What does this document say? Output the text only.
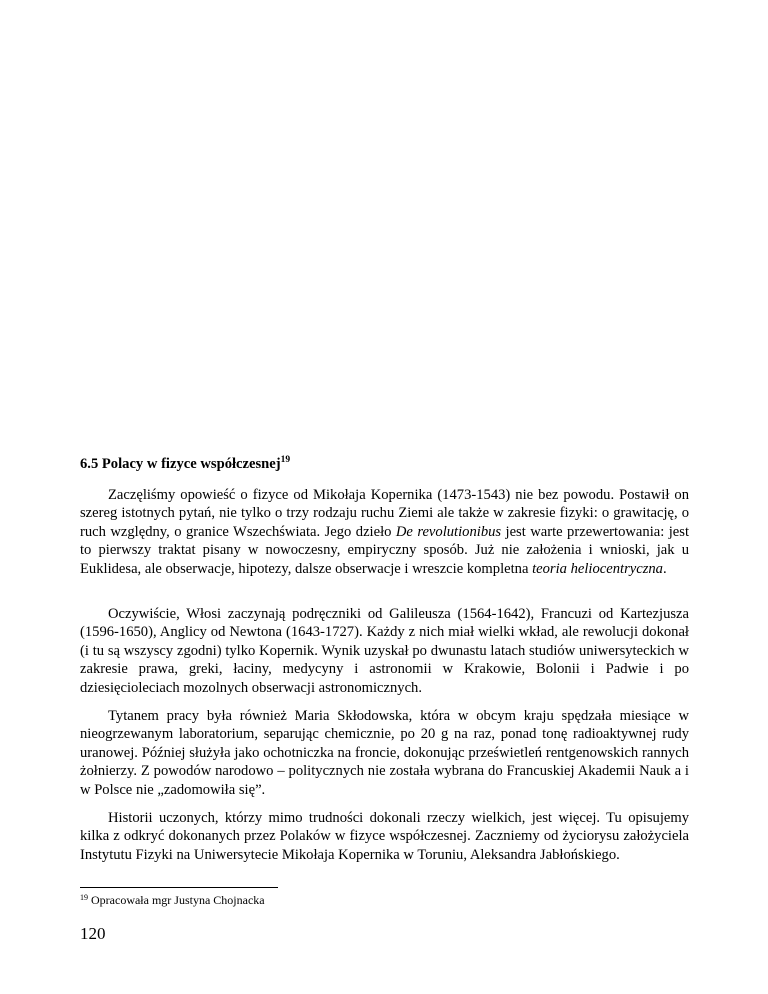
6.5 Polacy w fizyce współczesnej$^{19}$

Zaczęliśmy opowieść o fizyce od Mikołaja Kopernika (1473-1543) nie bez powodu. Postawił on szereg istotnych pytań, nie tylko o trzy rodzaju ruchu Ziemi ale także w zakresie fizyki: o grawitację, o ruch względny, o granice Wszechświata. Jego dzieło De revolutionibus jest warte przewertowania: jest to pierwszy traktat pisany w nowoczesny, empiryczny sposób. Już nie założenia i wnioski, jak u Euklidesa, ale obserwacje, hipotezy, dalsze obserwacje i wreszcie kompletna teoria heliocentryczna.

Oczywiście, Włosi zaczynają podręczniki od Galileusza (1564-1642), Francuzi od Kartezjusza (1596-1650), Anglicy od Newtona (1643-1727). Każdy z nich miał wielki wkład, ale rewolucji dokonał (i tu są wszyscy zgodni) tylko Kopernik. Wynik uzyskał po dwunastu latach studiów uniwersyteckich w zakresie prawa, greki, łaciny, medycyny i astronomii w Krakowie, Bolonii i Padwie i po dziesięcioleciach mozolnych obserwacji astronomicznych.

Tytanem pracy była również Maria Skłodowska, która w obcym kraju spędzała miesiące w nieogrzewanym laboratorium, separując chemicznie, po 20 g na raz, ponad tonę radioaktywnej rudy uranowej. Później służyła jako ochotniczka na froncie, dokonując prześwietleń rentgenowskich rannych żołnierzy. Z powodów narodowo – politycznych nie została wybrana do Francuskiej Akademii Nauk a i w Polsce nie „zadomowiła się”.

Historii uczonych, którzy mimo trudności dokonali rzeczy wielkich, jest więcej. Tu opisujemy kilka z odkryć dokonanych przez Polaków w fizyce współczesnej. Zaczniemy od życiorysu założyciela Instytutu Fizyki na Uniwersytecie Mikołaja Kopernika w Toruniu, Aleksandra Jabłońskiego.

$^{19}$ Opracowała mgr Justyna Chojnacka
120
